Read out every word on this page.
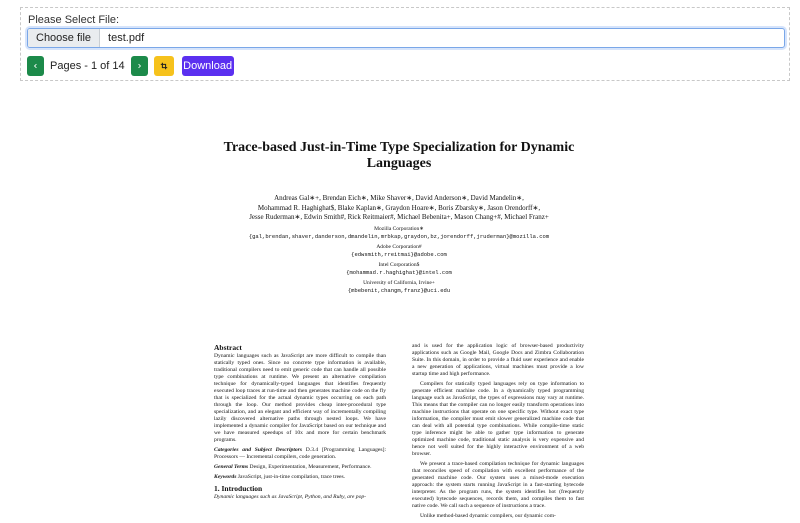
Please Select File:
Choose file	test.pdf
Pages - 1 of 14	Download
Trace-based Just-in-Time Type Specialization for Dynamic Languages
Andreas Gal∗+, Brendan Eich∗, Mike Shaver∗, David Anderson∗, David Mandelin∗,
Mohammad R. Haghighat$, Blake Kaplan∗, Graydon Hoare∗, Boris Zbarsky∗, Jason Orendorff∗,
Jesse Ruderman∗, Edwin Smith#, Rick Reitmaier#, Michael Bebenita+, Mason Chang+#, Michael Franz+
Mozilla Corporation∗
{gal,brendan,shaver,danderson,dmandelin,mrbkap,graydon,bz,jorendorff,jruderman}@mozilla.com
Adobe Corporation#
{edwsmith,rreitmai}@adobe.com
Intel Corporation$
{mohammad.r.haghighat}@intel.com
University of California, Irvine+
{mbebenit,changm,franz}@uci.edu
Abstract

Dynamic languages such as JavaScript are more difficult to compile than statically typed ones. Since no concrete type information is available, traditional compilers need to emit generic code that can handle all possible type combinations at runtime. We present an alternative compilation technique for dynamically-typed languages that identifies frequently executed loop traces at run-time and then generates machine code on the fly that is specialized for the actual dynamic types occurring on each path through the loop. Our method provides cheap inter-procedural type specialization, and an elegant and efficient way of incrementally compiling lazily discovered alternative paths through nested loops. We have implemented a dynamic compiler for JavaScript based on our technique and we have measured speedups of 10x and more for certain benchmark programs.

Categories and Subject Descriptors D.3.4 [Programming Languages]: Processors — Incremental compilers, code generation.

General Terms Design, Experimentation, Measurement, Performance.

Keywords JavaScript, just-in-time compilation, trace trees.

1. Introduction

Dynamic languages such as JavaScript, Python, and Ruby, are pop-

and is used for the application logic of browser-based productivity applications such as Google Mail, Google Docs and Zimbra Collaboration Suite. In this domain, in order to provide a fluid user experience and enable a new generation of applications, virtual machines must provide a low startup time and high performance.

Compilers for statically typed languages rely on type information to generate efficient machine code. In a dynamically typed programming language such as JavaScript, the types of expressions may vary at runtime. This means that the compiler can no longer easily transform operations into machine instructions that operate on one specific type. Without exact type information, the compiler must emit slower generalized machine code that can deal with all potential type combinations. While compile-time static type inference might be able to gather type information to generate optimized machine code, traditional static analysis is very expensive and hence not well suited for the highly interactive environment of a web browser.

We present a trace-based compilation technique for dynamic languages that reconciles speed of compilation with excellent performance of the generated machine code. Our system uses a mixed-mode execution approach: the system starts running JavaScript in a fast-starting bytecode interpreter. As the program runs, the system identifies hot (frequently executed) bytecode sequences, records them, and compiles them to fast native code. We call such a sequence of instructions a trace.

Unlike method-based dynamic compilers, our dynamic com-
